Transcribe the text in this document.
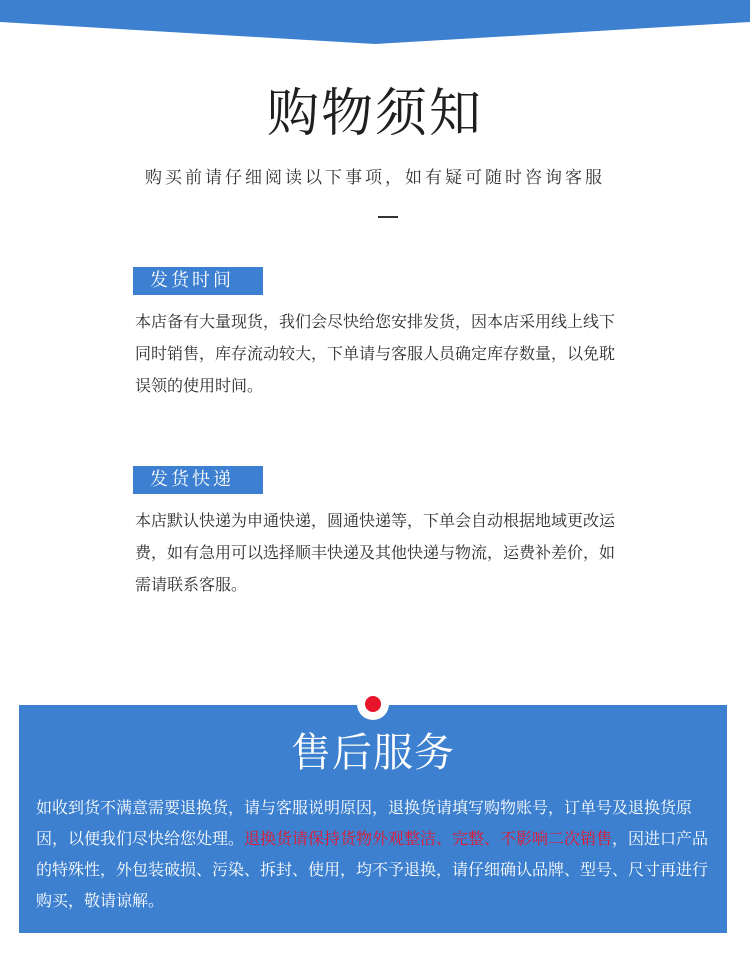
购物须知
购买前请仔细阅读以下事项，如有疑可随时咨询客服
发货时间

本店备有大量现货，我们会尽快给您安排发货，因本店采用线上线下同时销售，库存流动较大，下单请与客服人员确定库存数量，以免耽误领的使用时间。

发货快递

本店默认快递为申通快递，圆通快递等，下单会自动根据地域更改运费，如有急用可以选择顺丰快递及其他快递与物流，运费补差价，如需请联系客服。

售后服务

如收到货不满意需要退换货，请与客服说明原因，退换货请填写购物账号，订单号及退换货原因，以便我们尽快给您处理。退换货请保持货物外观整洁、完整、不影响二次销售，因进口产品的特殊性，外包装破损、污染、拆封、使用，均不予退换，请仔细确认品牌、型号、尺寸再进行购买，敬请谅解。
